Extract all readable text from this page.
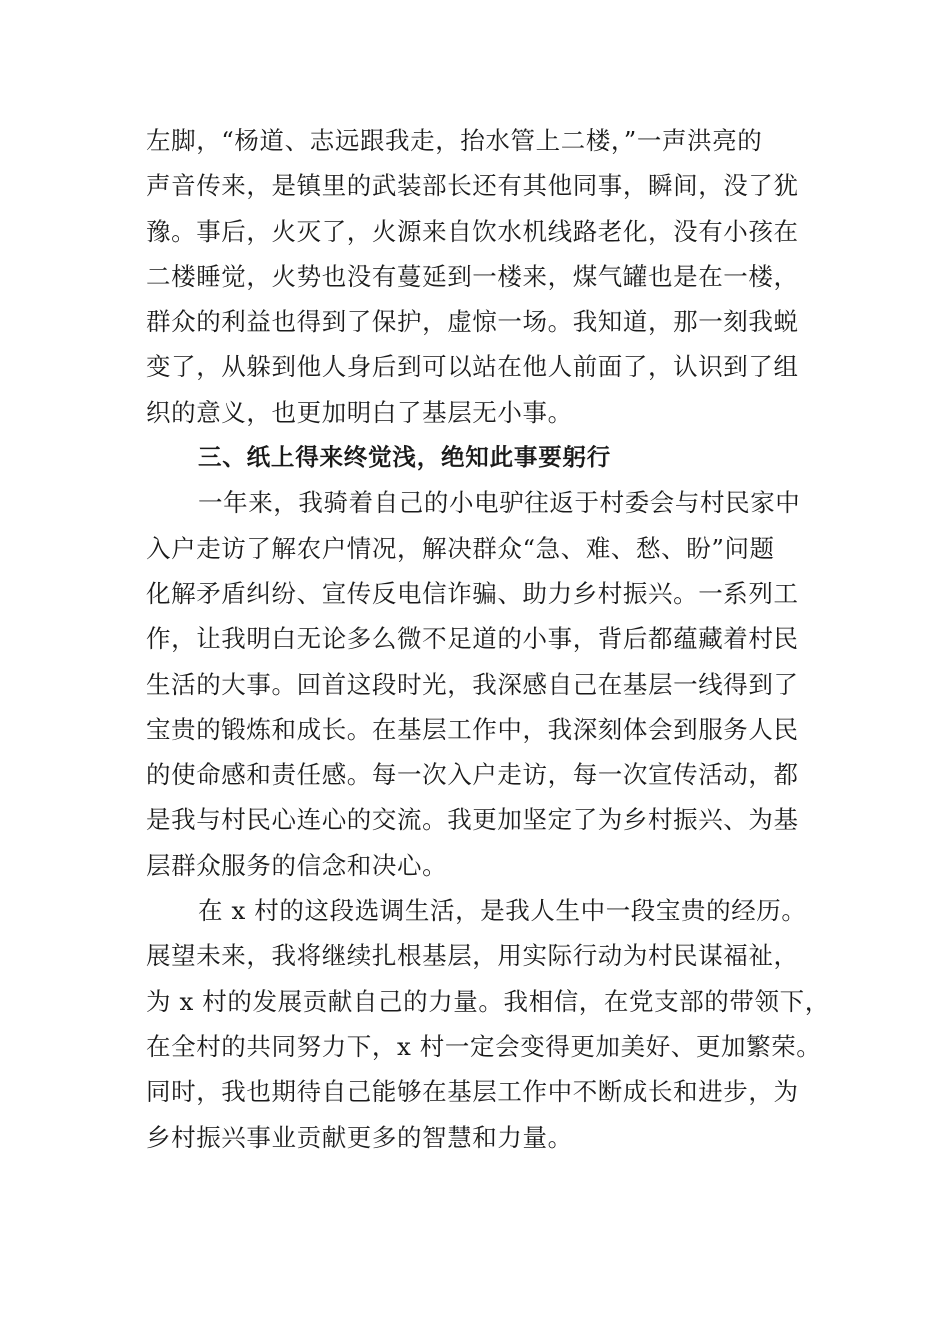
左脚，“杨道、志远跟我走，抬水管上二楼，”一声洪亮的
声音传来，是镇里的武装部长还有其他同事，瞬间，没了犹
豫。事后，火灭了，火源来自饮水机线路老化，没有小孩在
二楼睡觉，火势也没有蔓延到一楼来，煤气罐也是在一楼，
群众的利益也得到了保护，虚惊一场。我知道，那一刻我蜕
变了，从躲到他人身后到可以站在他人前面了，认识到了组
织的意义，也更加明白了基层无小事。
三、纸上得来终觉浅，绝知此事要躬行
一年来，我骑着自己的小电驴往返于村委会与村民家中
入户走访了解农户情况，解决群众“急、难、愁、盼”问题
化解矛盾纠纷、宣传反电信诈骗、助力乡村振兴。一系列工
作，让我明白无论多么微不足道的小事，背后都蕴藏着村民
生活的大事。回首这段时光，我深感自己在基层一线得到了
宝贵的锻炼和成长。在基层工作中，我深刻体会到服务人民
的使命感和责任感。每一次入户走访，每一次宣传活动，都
是我与村民心连心的交流。我更加坚定了为乡村振兴、为基
层群众服务的信念和决心。
在 x 村的这段选调生活，是我人生中一段宝贵的经历。
展望未来，我将继续扎根基层，用实际行动为村民谋福祉，
为 x 村的发展贡献自己的力量。我相信，在党支部的带领下，
在全村的共同努力下，x 村一定会变得更加美好、更加繁荣。
同时，我也期待自己能够在基层工作中不断成长和进步，为
乡村振兴事业贡献更多的智慧和力量。
